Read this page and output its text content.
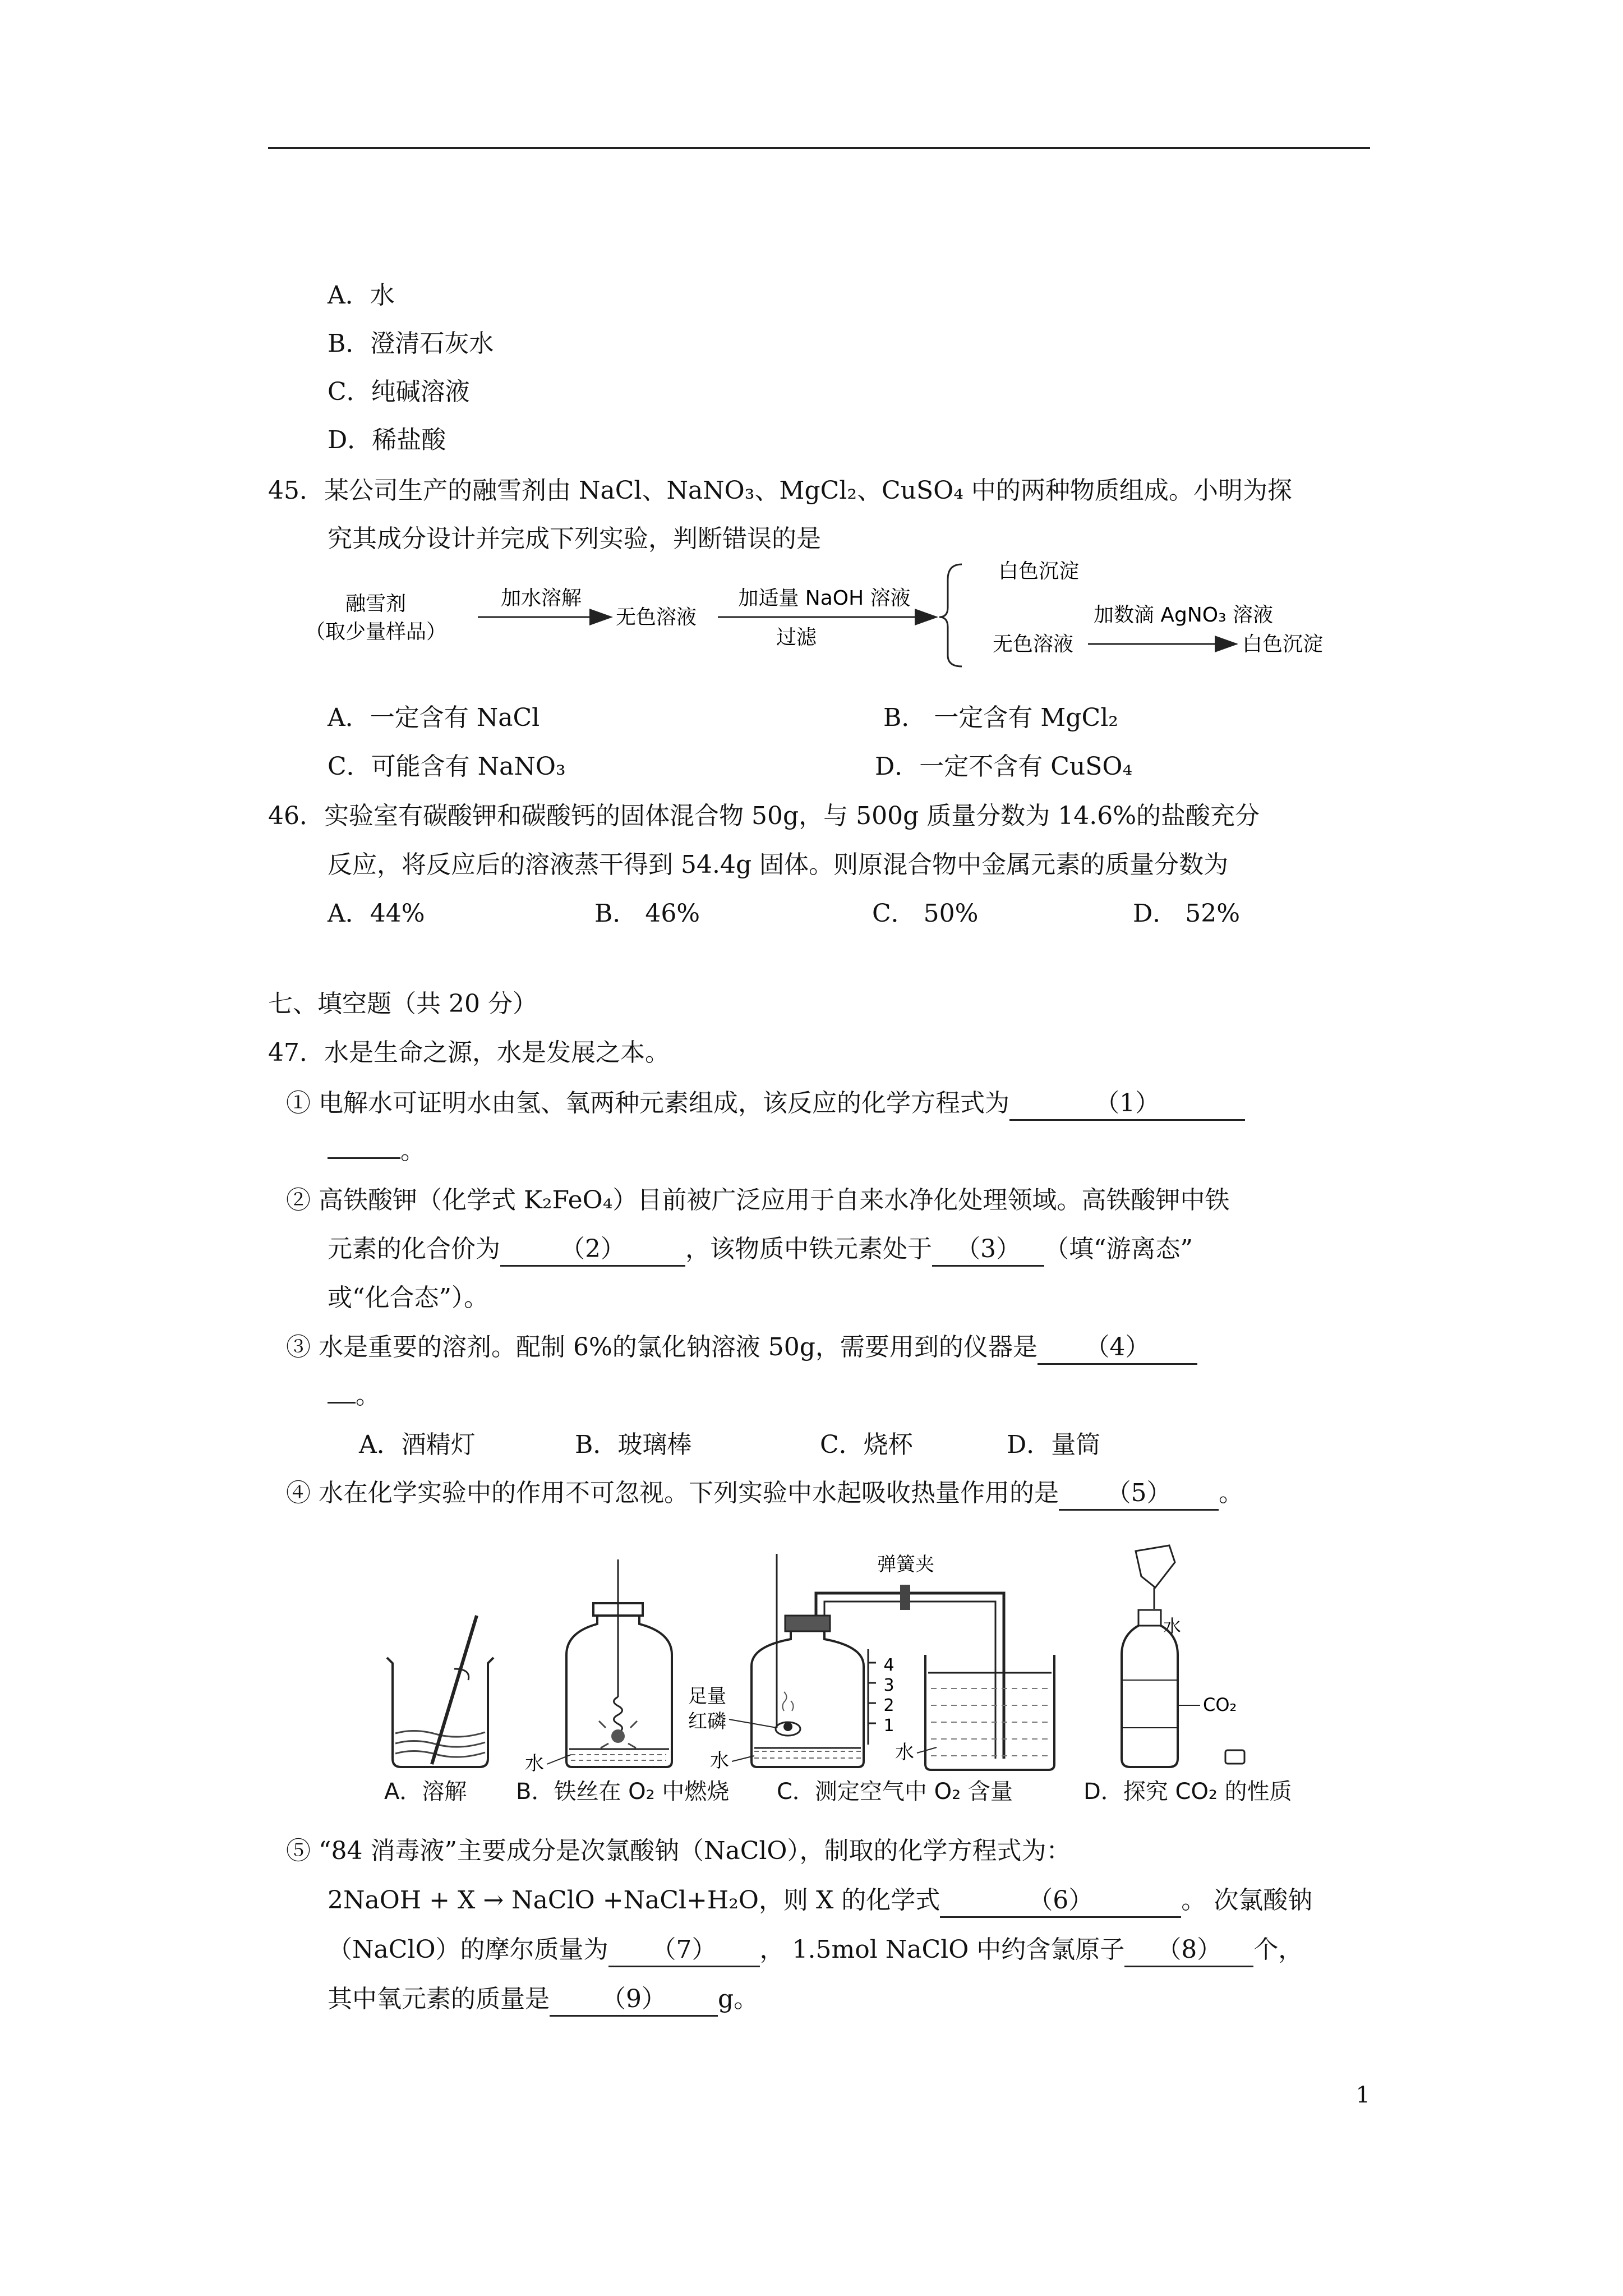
A．水
B．澄清石灰水
C．纯碱溶液
D．稀盐酸
45．某公司生产的融雪剂由 NaCl、NaNO₃、MgCl₂、CuSO₄ 中的两种物质组成。小明为探
究其成分设计并完成下列实验，判断错误的是
融雪剂
（取少量样品）
加水溶解
无色溶液
加适量 NaOH 溶液
过滤
白色沉淀
无色溶液
加数滴 AgNO₃ 溶液
白色沉淀
A．一定含有 NaCl	B． 一定含有 MgCl₂
C．可能含有 NaNO₃	D．一定不含有 CuSO₄
46．实验室有碳酸钾和碳酸钙的固体混合物 50g，与 500g 质量分数为 14.6%的盐酸充分
反应，将反应后的溶液蒸干得到 54.4g 固体。则原混合物中金属元素的质量分数为
A．44%	B． 46%	C． 50%	D． 52%
七、填空题（共 20 分）
47．水是生命之源，水是发展之本。
① 电解水可证明水由氢、氧两种元素组成，该反应的化学方程式为	（1）
。
② 高铁酸钾（化学式 K₂FeO₄）目前被广泛应用于自来水净化处理领域。高铁酸钾中铁
元素的化合价为 （2） ，该物质中铁元素处于 （3） （填“游离态”
或“化合态”）。
③ 水是重要的溶剂。配制 6%的氯化钠溶液 50g，需要用到的仪器是 （4）
。
A．酒精灯	B．玻璃棒	C．烧杯	D．量筒
④ 水在化学实验中的作用不可忽视。下列实验中水起吸收热量作用的是 （5） 。
水
4
3
2
1
足量
红磷
水
弹簧夹
水
水
CO₂
A．溶解 B．铁丝在 O₂ 中燃烧 C．测定空气中 O₂ 含量	D．探究 CO₂ 的性质
⑤ “84 消毒液”主要成分是次氯酸钠（NaClO），制取的化学方程式为：
2NaOH + X → NaClO +NaCl+H₂O，则 X 的化学式	（6）	。 次氯酸钠
（NaClO）的摩尔质量为 （7） ， 1.5mol NaClO 中约含氯原子 （8） 个，
其中氧元素的质量是 （9） g。
1
